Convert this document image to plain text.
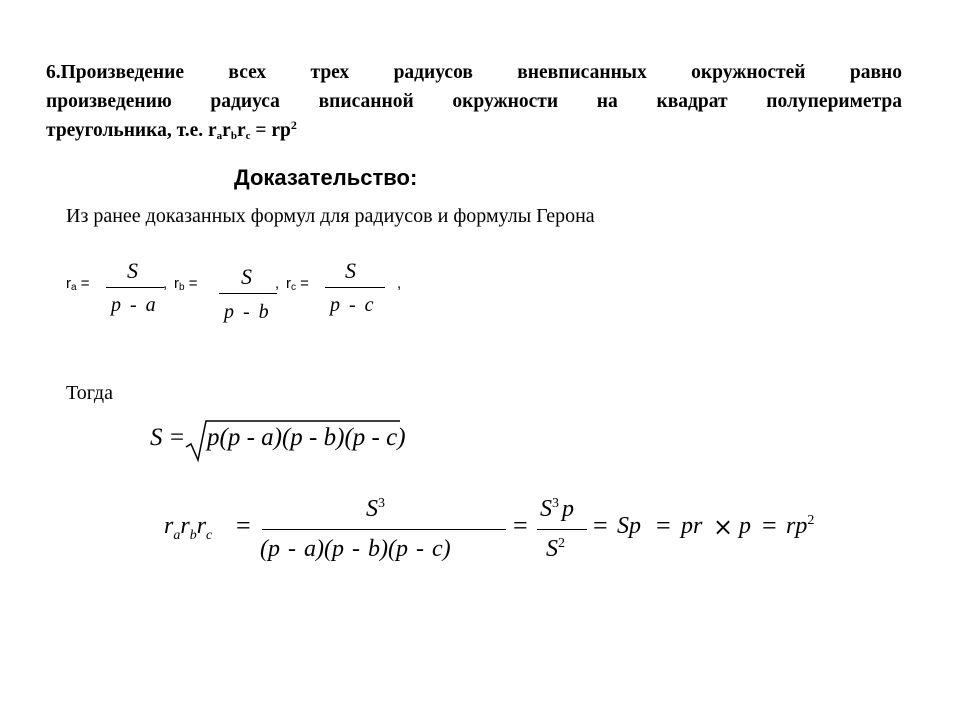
6.Произведение всех трех радиусов вневписанных окружностей равно
произведению радиуса вписанной окружности на квадрат полупериметра
треугольника, т.е. $r_ar_br_c = rp^2$
Доказательство:
Из ранее доказанных формул для радиусов и формулы Герона
$r_a$ =
S
p - a
, $r_b = S$
p - b
, $r_c$ =
S
p - c
,
Тогда
S = p(p - a)(p - b)(p - c)
$r_ar_br_c$ =
$S^3$
(p - a)(p - b)(p - c)
=
$S^3$ p
$S^2$
= Sp = pr × $p = rp^2$
